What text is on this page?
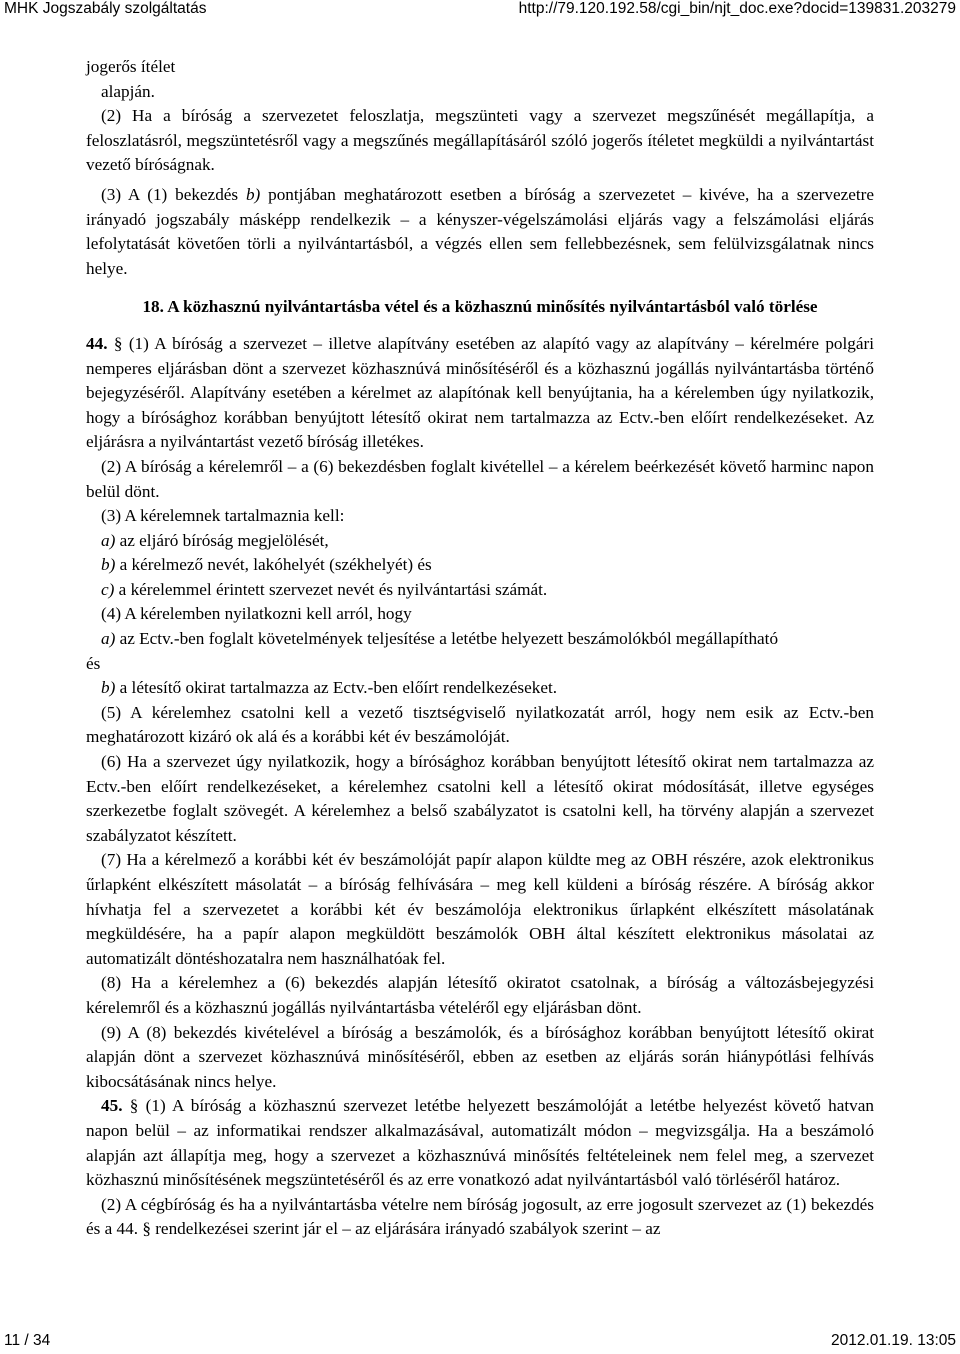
MHK Jogszabály szolgáltatás	http://79.120.192.58/cgi_bin/njt_doc.exe?docid=139831.203279

jogerős ítélet

alapján.

(2) Ha a bíróság a szervezetet feloszlatja, megszünteti vagy a szervezet megszűnését megállapítja, a feloszlatásról, megszüntetésről vagy a megszűnés megállapításáról szóló jogerős ítéletet megküldi a nyilvántartást vezető bíróságnak.

(3) A (1) bekezdés b) pontjában meghatározott esetben a bíróság a szervezetet – kivéve, ha a szervezetre irányadó jogszabály másképp rendelkezik – a kényszer-végelszámolási eljárás vagy a felszámolási eljárás lefolytatását követően törli a nyilvántartásból, a végzés ellen sem fellebbezésnek, sem felülvizsgálatnak nincs helye.

18. A közhasznú nyilvántartásba vétel és a közhasznú minősítés nyilvántartásból való törlése

44. § (1) A bíróság a szervezet – illetve alapítvány esetében az alapító vagy az alapítvány – kérelmére polgári nemperes eljárásban dönt a szervezet közhasznúvá minősítéséről és a közhasznú jogállás nyilvántartásba történő bejegyzéséről. Alapítvány esetében a kérelmet az alapítónak kell benyújtania, ha a kérelemben úgy nyilatkozik, hogy a bírósághoz korábban benyújtott létesítő okirat nem tartalmazza az Ectv.-ben előírt rendelkezéseket. Az eljárásra a nyilvántartást vezető bíróság illetékes.

(2) A bíróság a kérelemről – a (6) bekezdésben foglalt kivétellel – a kérelem beérkezését követő harminc napon belül dönt.

(3) A kérelemnek tartalmaznia kell:

a) az eljáró bíróság megjelölését,

b) a kérelmező nevét, lakóhelyét (székhelyét) és

c) a kérelemmel érintett szervezet nevét és nyilvántartási számát.

(4) A kérelemben nyilatkozni kell arról, hogy

a) az Ectv.-ben foglalt követelmények teljesítése a letétbe helyezett beszámolókból megállapítható

és

b) a létesítő okirat tartalmazza az Ectv.-ben előírt rendelkezéseket.

(5) A kérelemhez csatolni kell a vezető tisztségviselő nyilatkozatát arról, hogy nem esik az Ectv.-ben meghatározott kizáró ok alá és a korábbi két év beszámolóját.

(6) Ha a szervezet úgy nyilatkozik, hogy a bírósághoz korábban benyújtott létesítő okirat nem tartalmazza az Ectv.-ben előírt rendelkezéseket, a kérelemhez csatolni kell a létesítő okirat módosítását, illetve egységes szerkezetbe foglalt szövegét. A kérelemhez a belső szabályzatot is csatolni kell, ha törvény alapján a szervezet szabályzatot készített.

(7) Ha a kérelmező a korábbi két év beszámolóját papír alapon küldte meg az OBH részére, azok elektronikus űrlapként elkészített másolatát – a bíróság felhívására – meg kell küldeni a bíróság részére. A bíróság akkor hívhatja fel a szervezetet a korábbi két év beszámolója elektronikus űrlapként elkészített másolatának megküldésére, ha a papír alapon megküldött beszámolók OBH által készített elektronikus másolatai az automatizált döntéshozatalra nem használhatóak fel.

(8) Ha a kérelemhez a (6) bekezdés alapján létesítő okiratot csatolnak, a bíróság a változásbejegyzési kérelemről és a közhasznú jogállás nyilvántartásba vételéről egy eljárásban dönt.

(9) A (8) bekezdés kivételével a bíróság a beszámolók, és a bírósághoz korábban benyújtott létesítő okirat alapján dönt a szervezet közhasznúvá minősítéséről, ebben az esetben az eljárás során hiánypótlási felhívás kibocsátásának nincs helye.

45. § (1) A bíróság a közhasznú szervezet letétbe helyezett beszámolóját a letétbe helyezést követő hatvan napon belül – az informatikai rendszer alkalmazásával, automatizált módon – megvizsgálja. Ha a beszámoló alapján azt állapítja meg, hogy a szervezet a közhasznúvá minősítés feltételeinek nem felel meg, a szervezet közhasznú minősítésének megszüntetéséről és az erre vonatkozó adat nyilvántartásból való törléséről határoz.

(2) A cégbíróság és ha a nyilvántartásba vételre nem bíróság jogosult, az erre jogosult szervezet az (1) bekezdés és a 44. § rendelkezései szerint jár el – az eljárására irányadó szabályok szerint – az

11 / 34	2012.01.19. 13:05
